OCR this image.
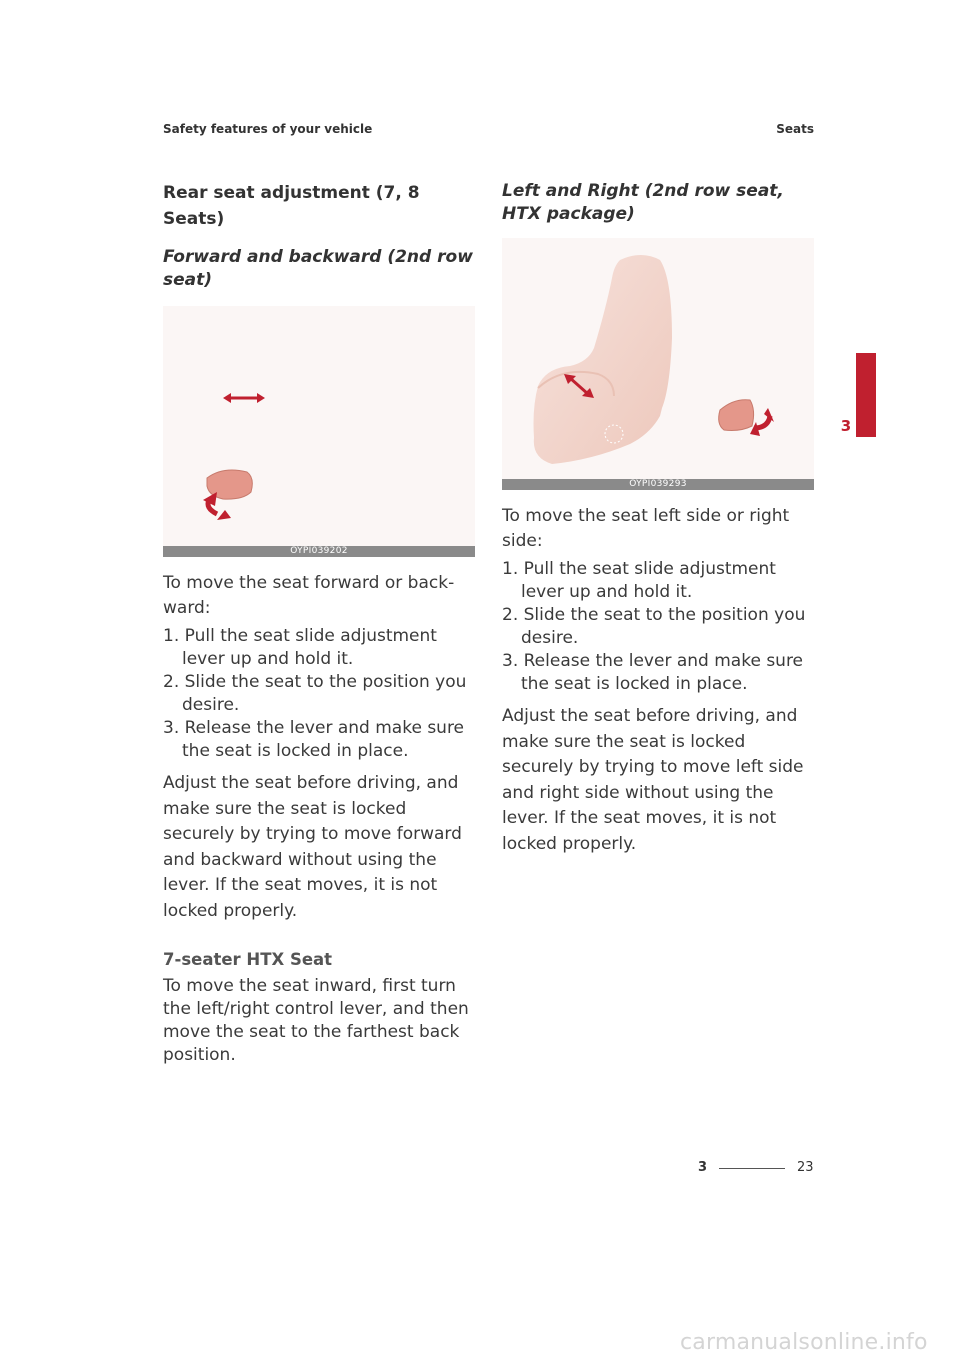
Safety features of your vehicle	Seats
Rear seat adjustment (7, 8 Seats)
Forward and backward (2nd row seat)
OYPI039202
To move the seat forward or back-ward:
1. Pull the seat slide adjustment lever up and hold it.
2. Slide the seat to the position you desire.
3. Release the lever and make sure the seat is locked in place.
Adjust the seat before driving, and make sure the seat is locked securely by trying to move forward and backward without using the lever. If the seat moves, it is not locked properly.
7-seater HTX Seat
To move the seat inward, first turn the left/right control lever, and then move the seat to the farthest back position.
Left and Right (2nd row seat, HTX package)
OYPI039293
To move the seat left side or right side:
1. Pull the seat slide adjustment lever up and hold it.
2. Slide the seat to the position you desire.
3. Release the lever and make sure the seat is locked in place.
Adjust the seat before driving, and make sure the seat is locked securely by trying to move left side and right side without using the lever. If the seat moves, it is not locked properly.
3
3	23
carmanualsonline.info
